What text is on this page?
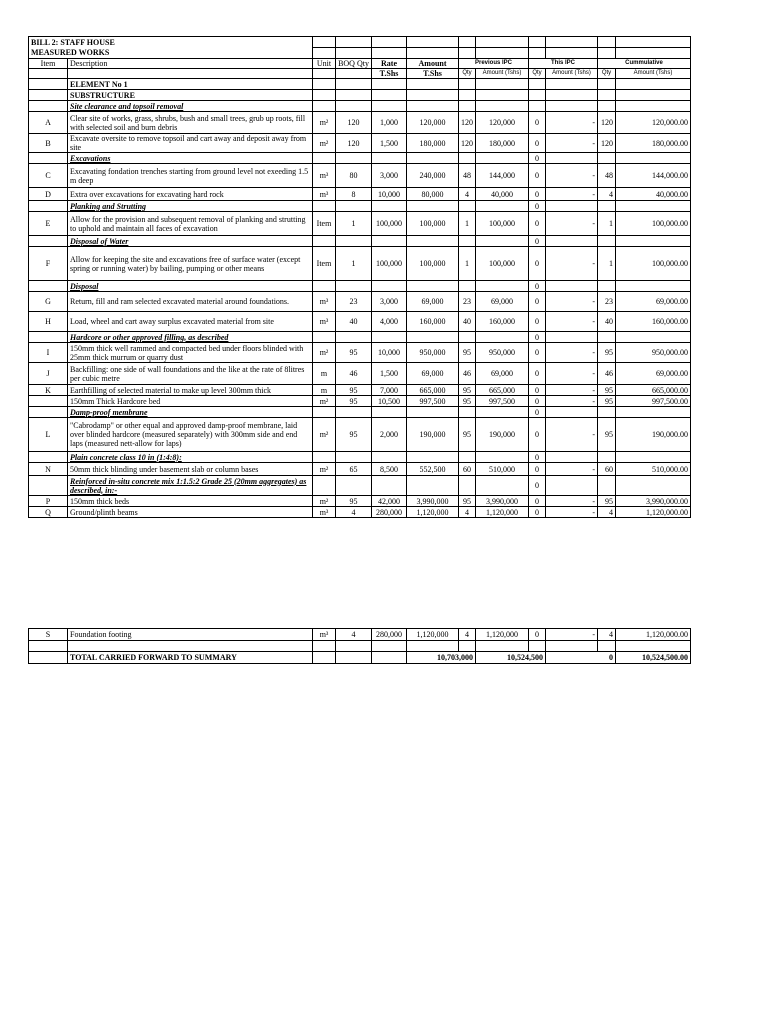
BILL 2: STAFF HOUSE											
MEASURED WORKS											
Item	Description	Unit	BOQ Qty	Rate	Amount	Previous IPC		This IPC		Cummulative	
				T.Shs	T.Shs	Qty	Amount (Tshs)	Qty	Amount (Tshs)	Qty	Amount (Tshs)
	ELEMENT No 1										
	SUBSTRUCTURE										
	Site clearance and topsoil removal										
A	Clear site of works, grass, shrubs, bush and small trees, grub up roots, fill with selected soil and burn debris	m²	120	1,000	120,000	120	120,000	0	-	120	120,000.00
B	Excavate oversite to remove topsoil and cart away and deposit away from site	m²	120	1,500	180,000	120	180,000	0	-	120	180,000.00
	Excavations							0			
C	Excavating fondation trenches starting from ground level not exeeding 1.5 m deep	m³	80	3,000	240,000	48	144,000	0	-	48	144,000.00
D	Extra over excavations for excavating hard rock	m³	8	10,000	80,000	4	40,000	0	-	4	40,000.00
	Planking and Strutting							0			
E	Allow for the provision and subsequent removal of planking and strutting to uphold and maintain all faces of excavation	Item	1	100,000	100,000	1	100,000	0	-	1	100,000.00
	Disposal of Water							0			
F	Allow for keeping the site and excavations free of surface water (except spring or running water) by bailing, pumping or other means	Item	1	100,000	100,000	1	100,000	0	-	1	100,000.00
	Disposal							0			
G	Return, fill and ram selected excavated material around foundations.	m³	23	3,000	69,000	23	69,000	0	-	23	69,000.00
H	Load, wheel and cart away surplus excavated material from site	m³	40	4,000	160,000	40	160,000	0	-	40	160,000.00
	Hardcore or other approved filling, as described							0			
I	150mm thick well rammed and compacted bed under floors blinded with 25mm thick murrum or quarry dust	m²	95	10,000	950,000	95	950,000	0	-	95	950,000.00
J	Backfilling: one side of wall foundations and the like at the rate of 8litres per cubic metre	m	46	1,500	69,000	46	69,000	0	-	46	69,000.00
K	Earthfilling of selected material to make up level 300mm thick	m	95	7,000	665,000	95	665,000	0	-	95	665,000.00
	150mm Thick Hardcore bed	m²	95	10,500	997,500	95	997,500	0	-	95	997,500.00
	Damp-proof membrane							0			
L	"Cabrodamp" or other equal and approved damp-proof membrane, laid over blinded hardcore (measured separately) with 300mm side and end laps (measured nett-allow for laps)	m²	95	2,000	190,000	95	190,000	0	-	95	190,000.00
	Plain concrete class 10 in (1:4:8):							0			
N	50mm thick blinding under basement slab or column bases	m²	65	8,500	552,500	60	510,000	0	-	60	510,000.00
	Reinforced in-situ concrete mix 1:1.5:2 Grade 25 (20mm aggregates) as described, in:-							0			
P	150mm thick beds	m²	95	42,000	3,990,000	95	3,990,000	0	-	95	3,990,000.00
Q	Ground/plinth beams	m³	4	280,000	1,120,000	4	1,120,000	0	-	4	1,120,000.00
S	Foundation footing	m³	4	280,000	1,120,000	4	1,120,000	0	-	4	1,120,000.00

	TOTAL CARRIED FORWARD TO SUMMARY				10,703,000		10,524,500		0		10,524,500.00
